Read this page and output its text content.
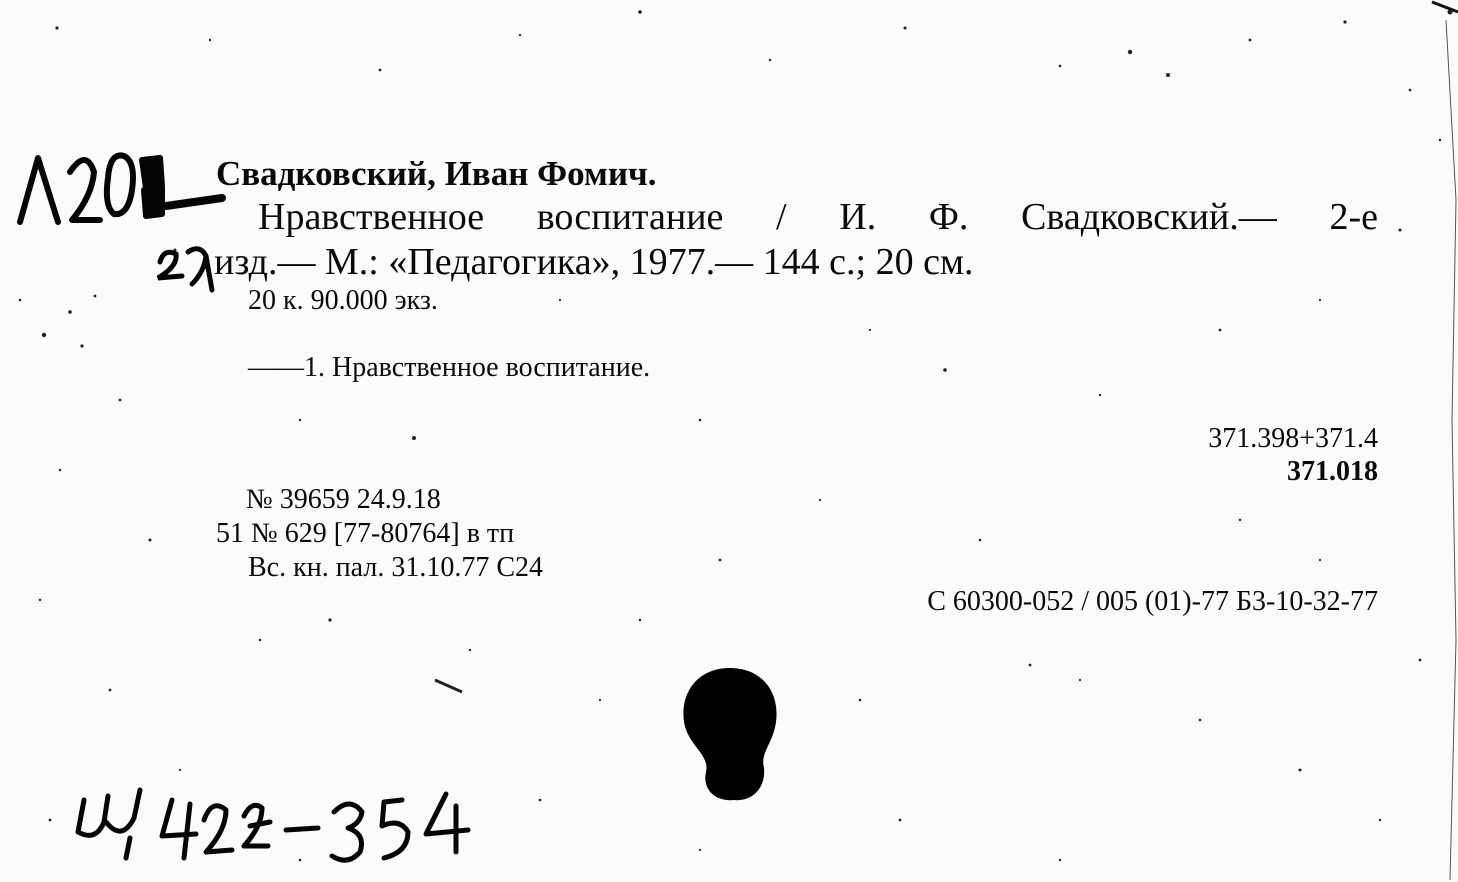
Свадковский, Иван Фомич.

Нравственное воспитание / И. Ф. Свадковский.— 2-е

изд.— М.: «Педагогика», 1977.— 144 с.; 20 см.

20 к. 90.000 экз.

——1. Нравственное воспитание.

371.398+371.4

371.018

№ 39659 24.9.18

51 № 629 [77-80764] в тп

Вс. кн. пал. 31.10.77 С24

С 60300-052 / 005 (01)-77 Б3-10-32-77
